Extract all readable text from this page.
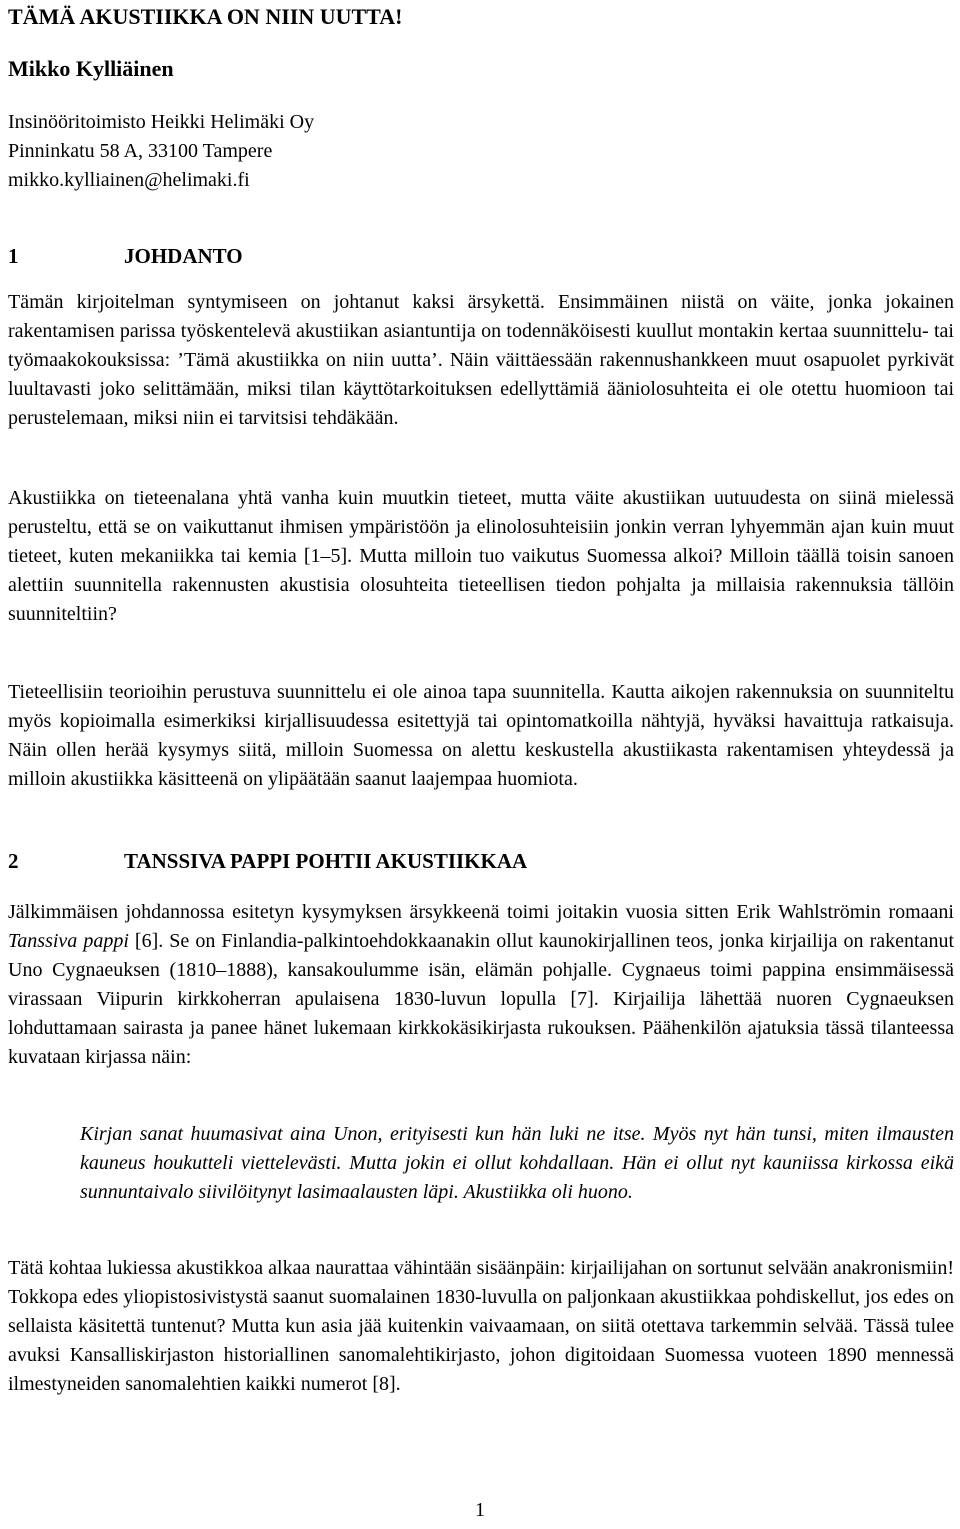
TÄMÄ AKUSTIIKKA ON NIIN UUTTA!
Mikko Kylliäinen
Insinööritoimisto Heikki Helimäki Oy
Pinninkatu 58 A, 33100 Tampere
mikko.kylliainen@helimaki.fi
1	JOHDANTO

Tämän kirjoitelman syntymiseen on johtanut kaksi ärsykettä. Ensimmäinen niistä on väite, jonka jokainen rakentamisen parissa työskentelevä akustiikan asiantuntija on todennäköisesti kuullut montakin kertaa suunnittelu- tai työmaakokouksissa: ’Tämä akustiikka on niin uutta’. Näin väittäessään rakennushankkeen muut osapuolet pyrkivät luultavasti joko selittämään, miksi tilan käyttötarkoituksen edellyttämiä ääniolosuhteita ei ole otettu huomioon tai perustelemaan, miksi niin ei tarvitsisi tehdäkään.

Akustiikka on tieteenalana yhtä vanha kuin muutkin tieteet, mutta väite akustiikan uutuudesta on siinä mielessä perusteltu, että se on vaikuttanut ihmisen ympäristöön ja elinolosuhteisiin jonkin verran lyhyemmän ajan kuin muut tieteet, kuten mekaniikka tai kemia [1–5]. Mutta milloin tuo vaikutus Suomessa alkoi? Milloin täällä toisin sanoen alettiin suunnitella rakennusten akustisia olosuhteita tieteellisen tiedon pohjalta ja millaisia rakennuksia tällöin suunniteltiin?

Tieteellisiin teorioihin perustuva suunnittelu ei ole ainoa tapa suunnitella. Kautta aikojen rakennuksia on suunniteltu myös kopioimalla esimerkiksi kirjallisuudessa esitettyjä tai opintomatkoilla nähtyjä, hyväksi havaittuja ratkaisuja. Näin ollen herää kysymys siitä, milloin Suomessa on alettu keskustella akustiikasta rakentamisen yhteydessä ja milloin akustiikka käsitteenä on ylipäätään saanut laajempaa huomiota.

2	TANSSIVA PAPPI POHTII AKUSTIIKKAA

Jälkimmäisen johdannossa esitetyn kysymyksen ärsykkeenä toimi joitakin vuosia sitten Erik Wahlströmin romaani Tanssiva pappi [6]. Se on Finlandia-palkintoehdokkaanakin ollut kaunokirjallinen teos, jonka kirjailija on rakentanut Uno Cygnaeuksen (1810–1888), kansakoulumme isän, elämän pohjalle. Cygnaeus toimi pappina ensimmäisessä virassaan Viipurin kirkkoherran apulaisena 1830-luvun lopulla [7]. Kirjailija lähettää nuoren Cygnaeuksen lohduttamaan sairasta ja panee hänet lukemaan kirkkokäsikirjasta rukouksen. Päähenkilön ajatuksia tässä tilanteessa kuvataan kirjassa näin:

Kirjan sanat huumasivat aina Unon, erityisesti kun hän luki ne itse. Myös nyt hän tunsi, miten ilmausten kauneus houkutteli viettelevästi. Mutta jokin ei ollut kohdallaan. Hän ei ollut nyt kauniissa kirkossa eikä sunnuntaivalo siivilöitynyt lasimaalausten läpi. Akustiikka oli huono.

Tätä kohtaa lukiessa akustikkoa alkaa naurattaa vähintään sisäänpäin: kirjailijahan on sortunut selvään anakronismiin! Tokkopa edes yliopistosivistystä saanut suomalainen 1830-luvulla on paljonkaan akustiikkaa pohdiskellut, jos edes on sellaista käsitettä tuntenut? Mutta kun asia jää kuitenkin vaivaamaan, on siitä otettava tarkemmin selvää. Tässä tulee avuksi Kansalliskirjaston historiallinen sanomalehtikirjasto, johon digitoidaan Suomessa vuoteen 1890 mennessä ilmestyneiden sanomalehtien kaikki numerot [8].

1
